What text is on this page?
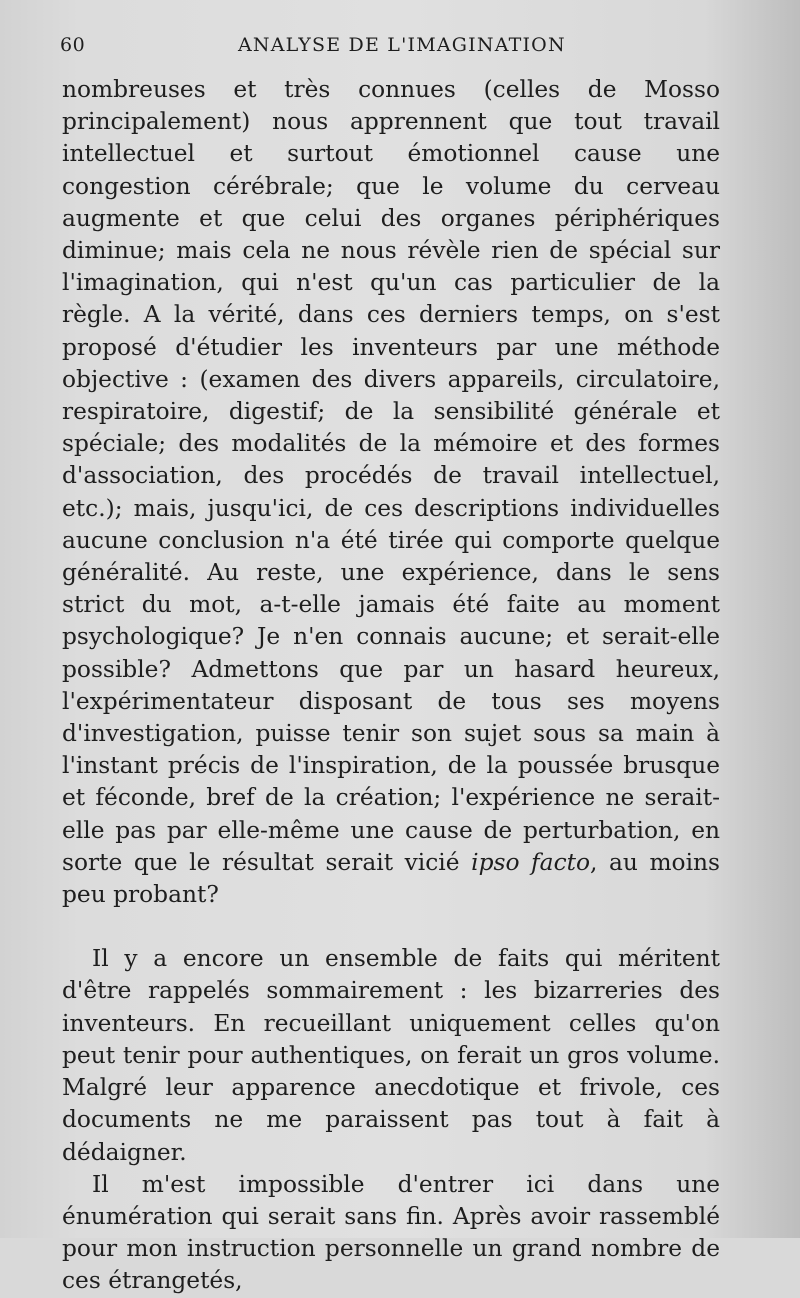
60	ANALYSE DE L'IMAGINATION

nombreuses et très connues (celles de Mosso principalement) nous apprennent que tout travail intellectuel et surtout émotionnel cause une congestion cérébrale; que le volume du cerveau augmente et que celui des organes périphériques diminue; mais cela ne nous révèle rien de spécial sur l'imagination, qui n'est qu'un cas particulier de la règle. A la vérité, dans ces derniers temps, on s'est proposé d'étudier les inventeurs par une méthode objective : (examen des divers appareils, circulatoire, respiratoire, digestif; de la sensibilité générale et spéciale; des modalités de la mémoire et des formes d'association, des procédés de travail intellectuel, etc.); mais, jusqu'ici, de ces descriptions individuelles aucune conclusion n'a été tirée qui comporte quelque généralité. Au reste, une expérience, dans le sens strict du mot, a-t-elle jamais été faite au moment psychologique? Je n'en connais aucune; et serait-elle possible? Admettons que par un hasard heureux, l'expérimentateur disposant de tous ses moyens d'investigation, puisse tenir son sujet sous sa main à l'instant précis de l'inspiration, de la poussée brusque et féconde, bref de la création; l'expérience ne serait-elle pas par elle-même une cause de perturbation, en sorte que le résultat serait vicié ipso facto, au moins peu probant?

Il y a encore un ensemble de faits qui méritent d'être rappelés sommairement : les bizarreries des inventeurs. En recueillant uniquement celles qu'on peut tenir pour authentiques, on ferait un gros volume. Malgré leur apparence anecdotique et frivole, ces documents ne me paraissent pas tout à fait à dédaigner.

Il m'est impossible d'entrer ici dans une énumération qui serait sans fin. Après avoir rassemblé pour mon instruction personnelle un grand nombre de ces étrangetés,
